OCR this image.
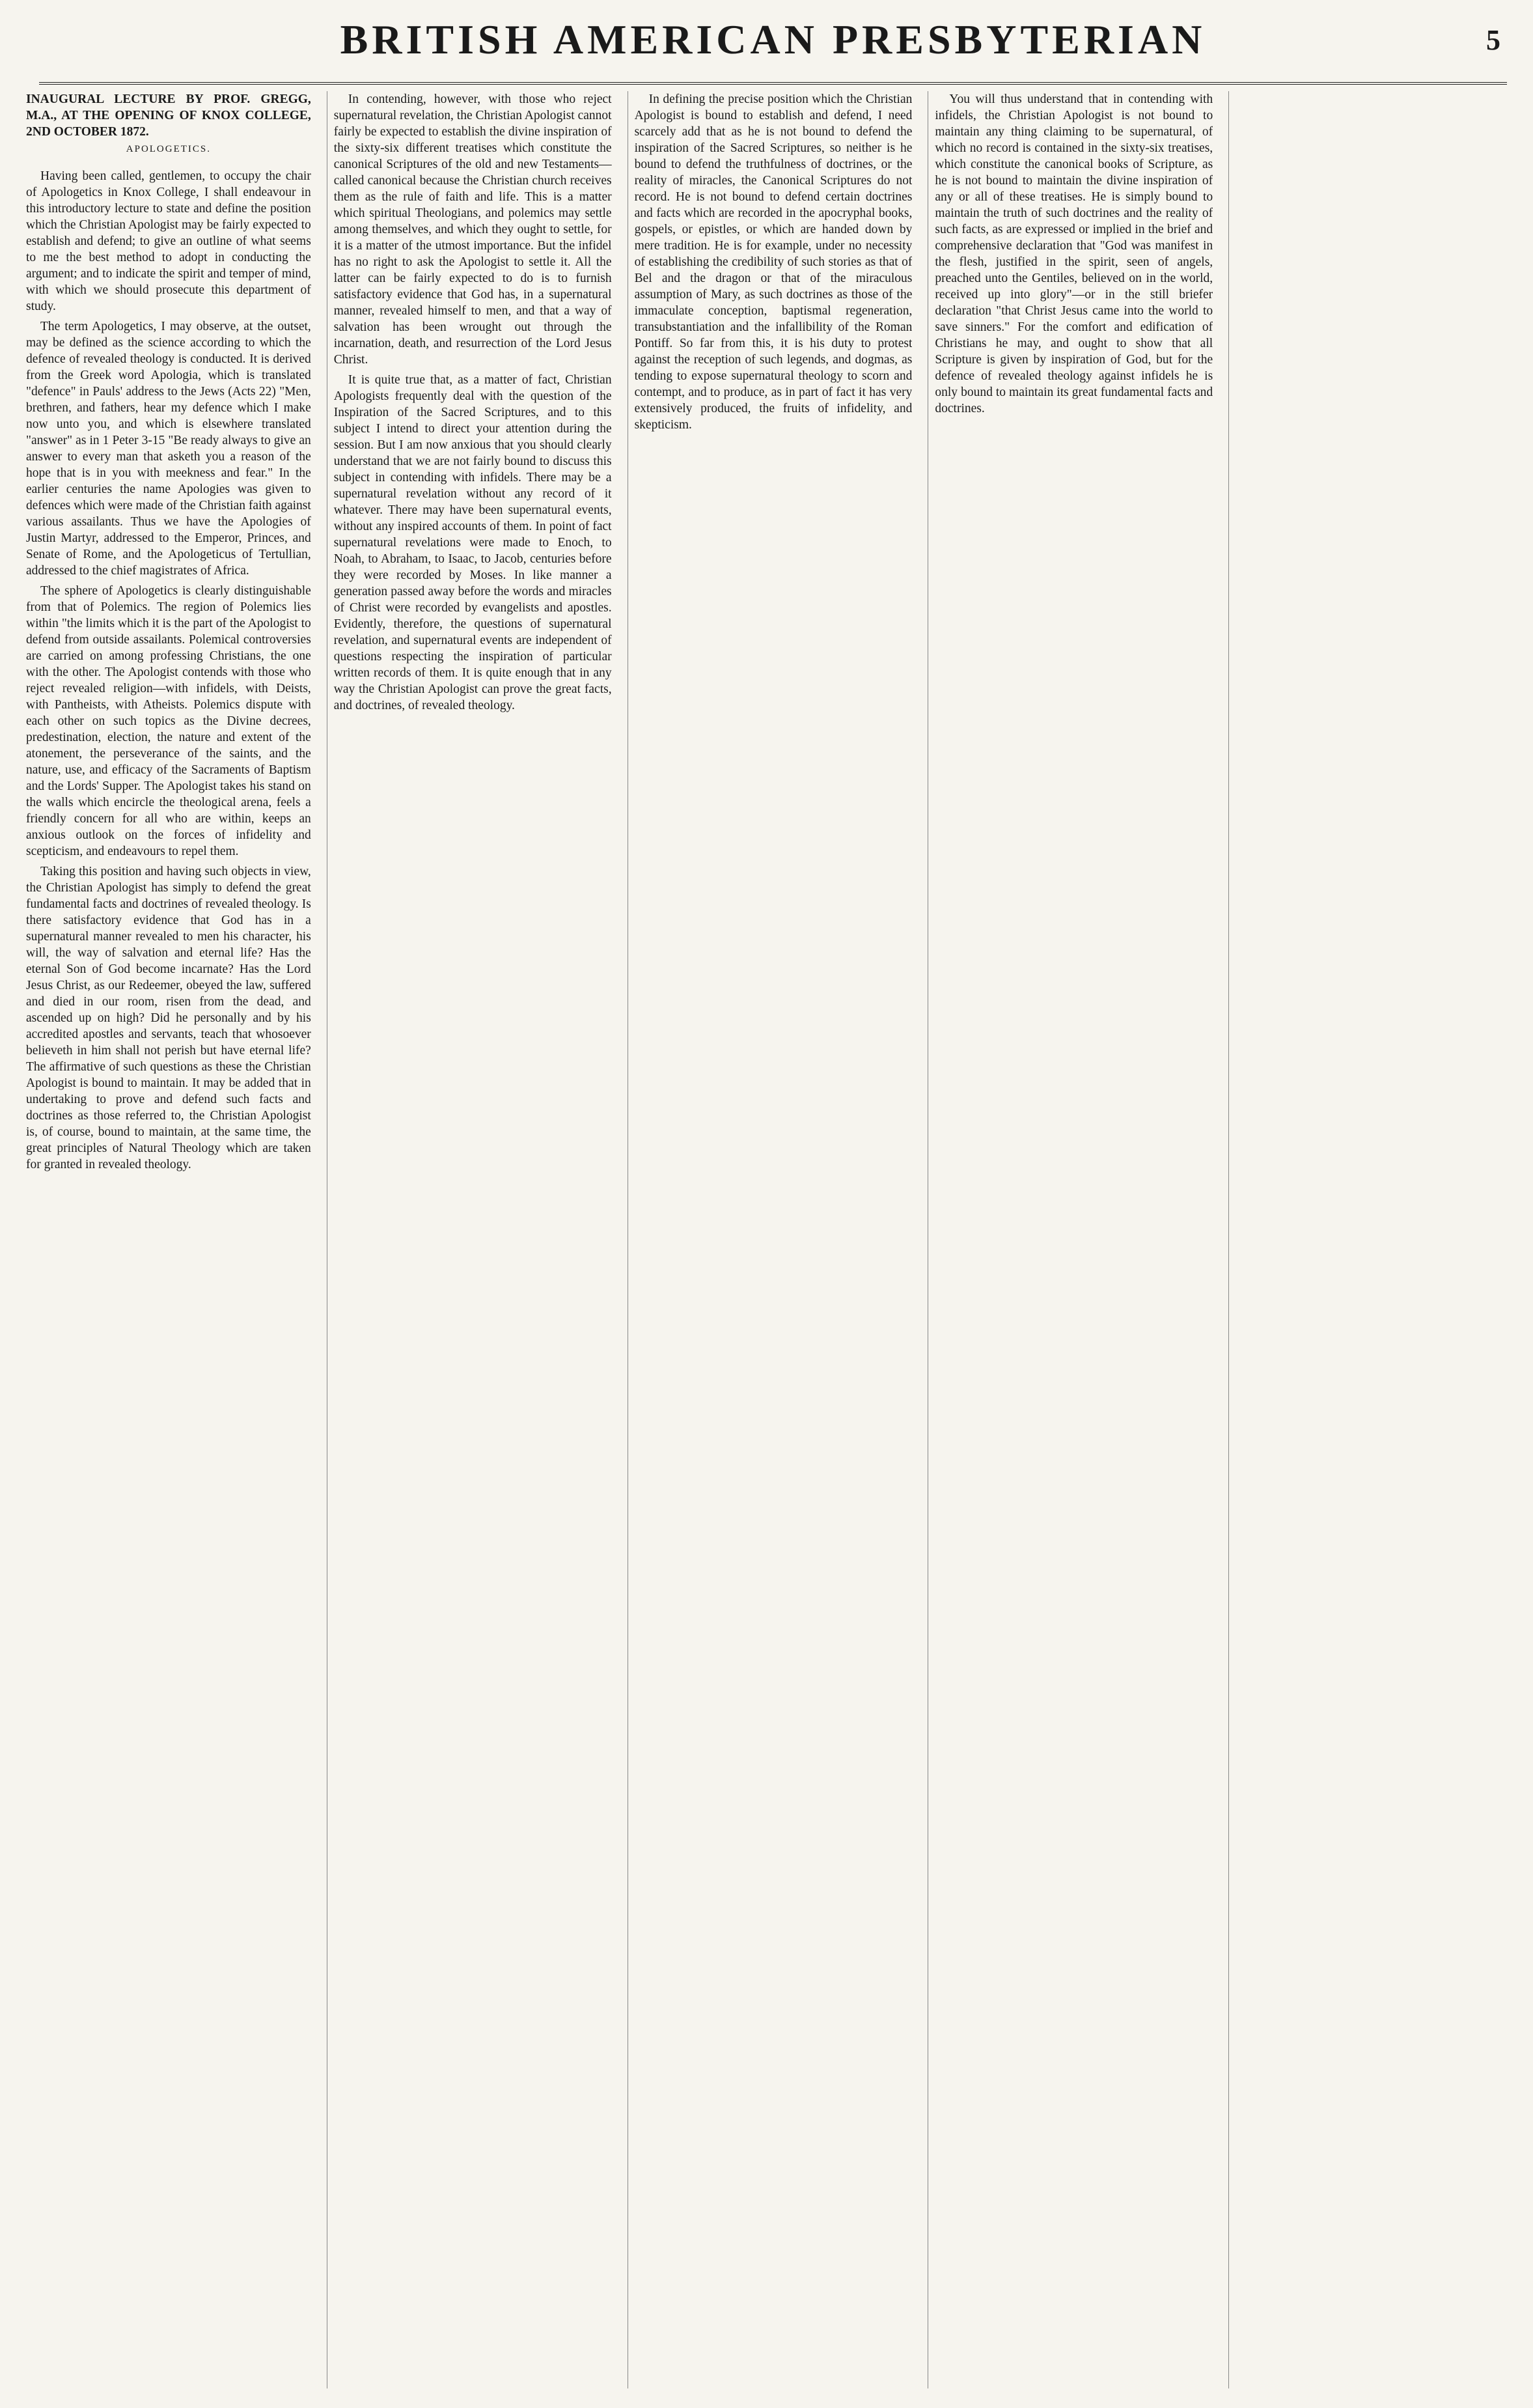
BRITISH AMERICAN PRESBYTERIAN	5

INAUGURAL LECTURE BY PROF. GREGG, M.A., AT THE OPENING OF KNOX COLLEGE, 2ND OCTOBER 1872.

APOLOGETICS.

Having been called, gentlemen, to occupy the chair of Apologetics in Knox College, I shall endeavour in this introductory lecture to state and define the position which the Christian Apologist may be fairly expected to establish and defend; to give an outline of what seems to me the best method to adopt in conducting the argument; and to indicate the spirit and temper of mind, with which we should prosecute this department of study.

The term Apologetics, I may observe, at the outset, may be defined as the science according to which the defence of revealed theology is conducted. It is derived from the Greek word Apologia, which is translated "defence" in Pauls' address to the Jews (Acts 22) "Men, brethren, and fathers, hear my defence which I make now unto you, and which is elsewhere translated "answer" as in 1 Peter 3-15 "Be ready always to give an answer to every man that asketh you a reason of the hope that is in you with meekness and fear." In the earlier centuries the name Apologies was given to defences which were made of the Christian faith against various assailants. Thus we have the Apologies of Justin Martyr, addressed to the Emperor, Princes, and Senate of Rome, and the Apologeticus of Tertullian, addressed to the chief magistrates of Africa.

The sphere of Apologetics is clearly distinguishable from that of Polemics. The region of Polemics lies within "the limits which it is the part of the Apologist to defend from outside assailants. Polemical controversies are carried on among professing Christians, the one with the other. The Apologist contends with those who reject revealed religion—with infidels, with Deists, with Pantheists, with Atheists. Polemics dispute with each other on such topics as the Divine decrees, predestination, election, the nature and extent of the atonement, the perseverance of the saints, and the nature, use, and efficacy of the Sacraments of Baptism and the Lords' Supper. The Apologist takes his stand on the walls which encircle the theological arena, feels a friendly concern for all who are within, keeps an anxious outlook on the forces of infidelity and scepticism, and endeavours to repel them.

Taking this position and having such objects in view, the Christian Apologist has simply to defend the great fundamental facts and doctrines of revealed theology. Is there satisfactory evidence that God has in a supernatural manner revealed to men his character, his will, the way of salvation and eternal life? Has the eternal Son of God become incarnate? Has the Lord Jesus Christ, as our Redeemer, obeyed the law, suffered and died in our room, risen from the dead, and ascended up on high? Did he personally and by his accredited apostles and servants, teach that whosoever believeth in him shall not perish but have eternal life? The affirmative of such questions as these the Christian Apologist is bound to maintain. It may be added that in undertaking to prove and defend such facts and doctrines as those referred to, the Christian Apologist is, of course, bound to maintain, at the same time, the great principles of Natural Theology which are taken for granted in revealed theology.

In contending, however, with those who reject supernatural revelation, the Christian Apologist cannot fairly be expected to establish the divine inspiration of the sixty-six different treatises which constitute the canonical Scriptures of the old and new Testaments—called canonical because the Christian church receives them as the rule of faith and life. This is a matter which spiritual Theologians, and polemics may settle among themselves, and which they ought to settle, for it is a matter of the utmost importance. But the infidel has no right to ask the Apologist to settle it. All the latter can be fairly expected to do is to furnish satisfactory evidence that God has, in a supernatural manner, revealed himself to men, and that a way of salvation has been wrought out through the incarnation, death, and resurrection of the Lord Jesus Christ.

It is quite true that, as a matter of fact, Christian Apologists frequently deal with the question of the Inspiration of the Sacred Scriptures, and to this subject I intend to direct your attention during the session. But I am now anxious that you should clearly understand that we are not fairly bound to discuss this subject in contending with infidels. There may be a supernatural revelation without any record of it whatever. There may have been supernatural events, without any inspired accounts of them. In point of fact supernatural revelations were made to Enoch, to Noah, to Abraham, to Isaac, to Jacob, centuries before they were recorded by Moses. In like manner a generation passed away before the words and miracles of Christ were recorded by evangelists and apostles. Evidently, therefore, the questions of supernatural revelation, and supernatural events are independent of questions respecting the inspiration of particular written records of them. It is quite enough that in any way the Christian Apologist can prove the great facts, and doctrines, of revealed theology.

In defining the precise position which the Christian Apologist is bound to establish and defend, I need scarcely add that as he is not bound to defend the inspiration of the Sacred Scriptures, so neither is he bound to defend the truthfulness of doctrines, or the reality of miracles, the Canonical Scriptures do not record. He is not bound to defend certain doctrines and facts which are recorded in the apocryphal books, gospels, or epistles, or which are handed down by mere tradition. He is for example, under no necessity of establishing the credibility of such stories as that of Bel and the dragon or that of the miraculous assumption of Mary, as such doctrines as those of the immaculate conception, baptismal regeneration, transubstantiation and the infallibility of the Roman Pontiff. So far from this, it is his duty to protest against the reception of such legends, and dogmas, as tending to expose supernatural theology to scorn and contempt, and to produce, as in part of fact it has very extensively produced, the fruits of infidelity, and skepticism.

You will thus understand that in contending with infidels, the Christian Apologist is not bound to maintain any thing claiming to be supernatural, of which no record is contained in the sixty-six treatises, which constitute the canonical books of Scripture, as he is not bound to maintain the divine inspiration of any or all of these treatises. He is simply bound to maintain the truth of such doctrines and the reality of such facts, as are expressed or implied in the brief and comprehensive declaration that "God was manifest in the flesh, justified in the spirit, seen of angels, preached unto the Gentiles, believed on in the world, received up into glory"—or in the still briefer declaration "that Christ Jesus came into the world to save sinners." For the comfort and edification of Christians he may, and ought to show that all Scripture is given by inspiration of God, but for the defence of revealed theology against infidels he is only bound to maintain its great fundamental facts and doctrines.
